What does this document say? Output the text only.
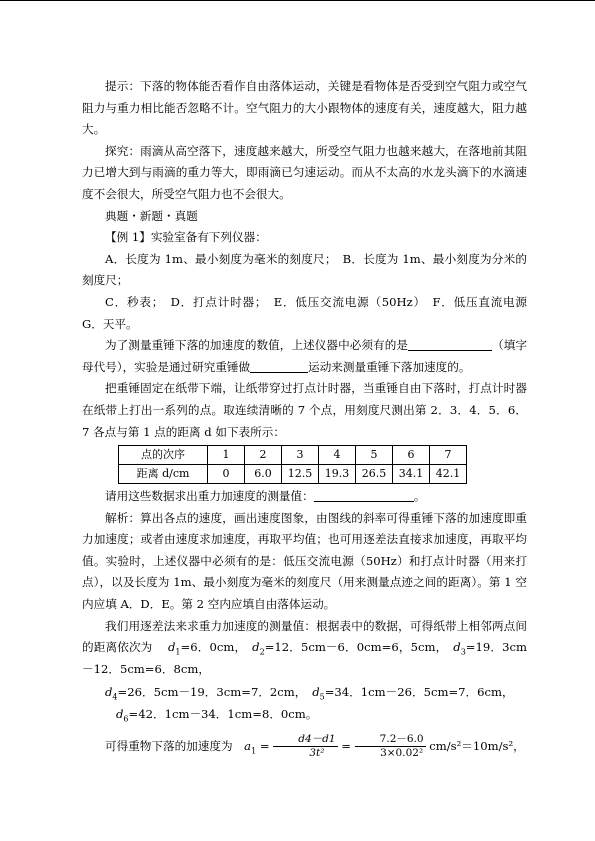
提示：下落的物体能否看作自由落体运动，关键是看物体是否受到空气阻力或空气阻力与重力相比能否忽略不计。空气阻力的大小跟物体的速度有关，速度越大，阻力越大。

探究：雨滴从高空落下，速度越来越大，所受空气阻力也越来越大，在落地前其阻力已增大到与雨滴的重力等大，即雨滴已匀速运动。而从不太高的水龙头滴下的水滴速度不会很大，所受空气阻力也不会很大。

典题・新题・真题

【例 1】实验室备有下列仪器：

A．长度为 1m、最小刻度为毫米的刻度尺；　B．长度为 1m、最小刻度为分米的刻度尺；

C．秒表；　D．打点计时器；　E．低压交流电源（50Hz）　F．低压直流电源　G．天平。

为了测量重锤下落的加速度的数值，上述仪器中必须有的是	（填字母代号），实验是通过研究重锤做	运动来测量重锤下落加速度的。

把重锤固定在纸带下端，让纸带穿过打点计时器，当重锤自由下落时，打点计时器在纸带上打出一系列的点。取连续清晰的 7 个点，用刻度尺测出第 2．3．4．5．6．7 各点与第 1 点的距离 d 如下表所示：

点的次序	1	2	3	4	5	6	7
距离 d/cm	0	6.0	12.5	19.3	26.5	34.1	42.1

请用这些数据求出重力加速度的测量值：	。

解析：算出各点的速度，画出速度图象，由图线的斜率可得重锤下落的加速度即重力加速度；或者由速度求加速度，再取平均值；也可用逐差法直接求加速度，再取平均值。实验时，上述仪器中必须有的是：低压交流电源（50Hz）和打点计时器（用来打点），以及长度为 1m、最小刻度为毫米的刻度尺（用来测量点迹之间的距离）。第 1 空内应填 A．D．E。第 2 空内应填自由落体运动。

我们用逐差法来求重力加速度的测量值：根据表中的数据，可得纸带上相邻两点间的距离依次为　 $d_1=6$．0cm，　 $d_2=12$．5cm－6．0cm=6，5cm，　 $d_3=19$．3cm－12．5cm=6．8cm，

$d_4=26$．5cm－19．3cm=7．2cm，　 $d_5=34$．1cm－26．5cm=7．6cm，

$d_6=42$．1cm－34．1cm=8．0cm。

可得重物下落的加速度为　 $a_1 = \frac{d4-d1}{\text{3t²}} = \frac{7.2-6.0}{\text{3×0.02²}} cm/s^2=10m/s^2$，
